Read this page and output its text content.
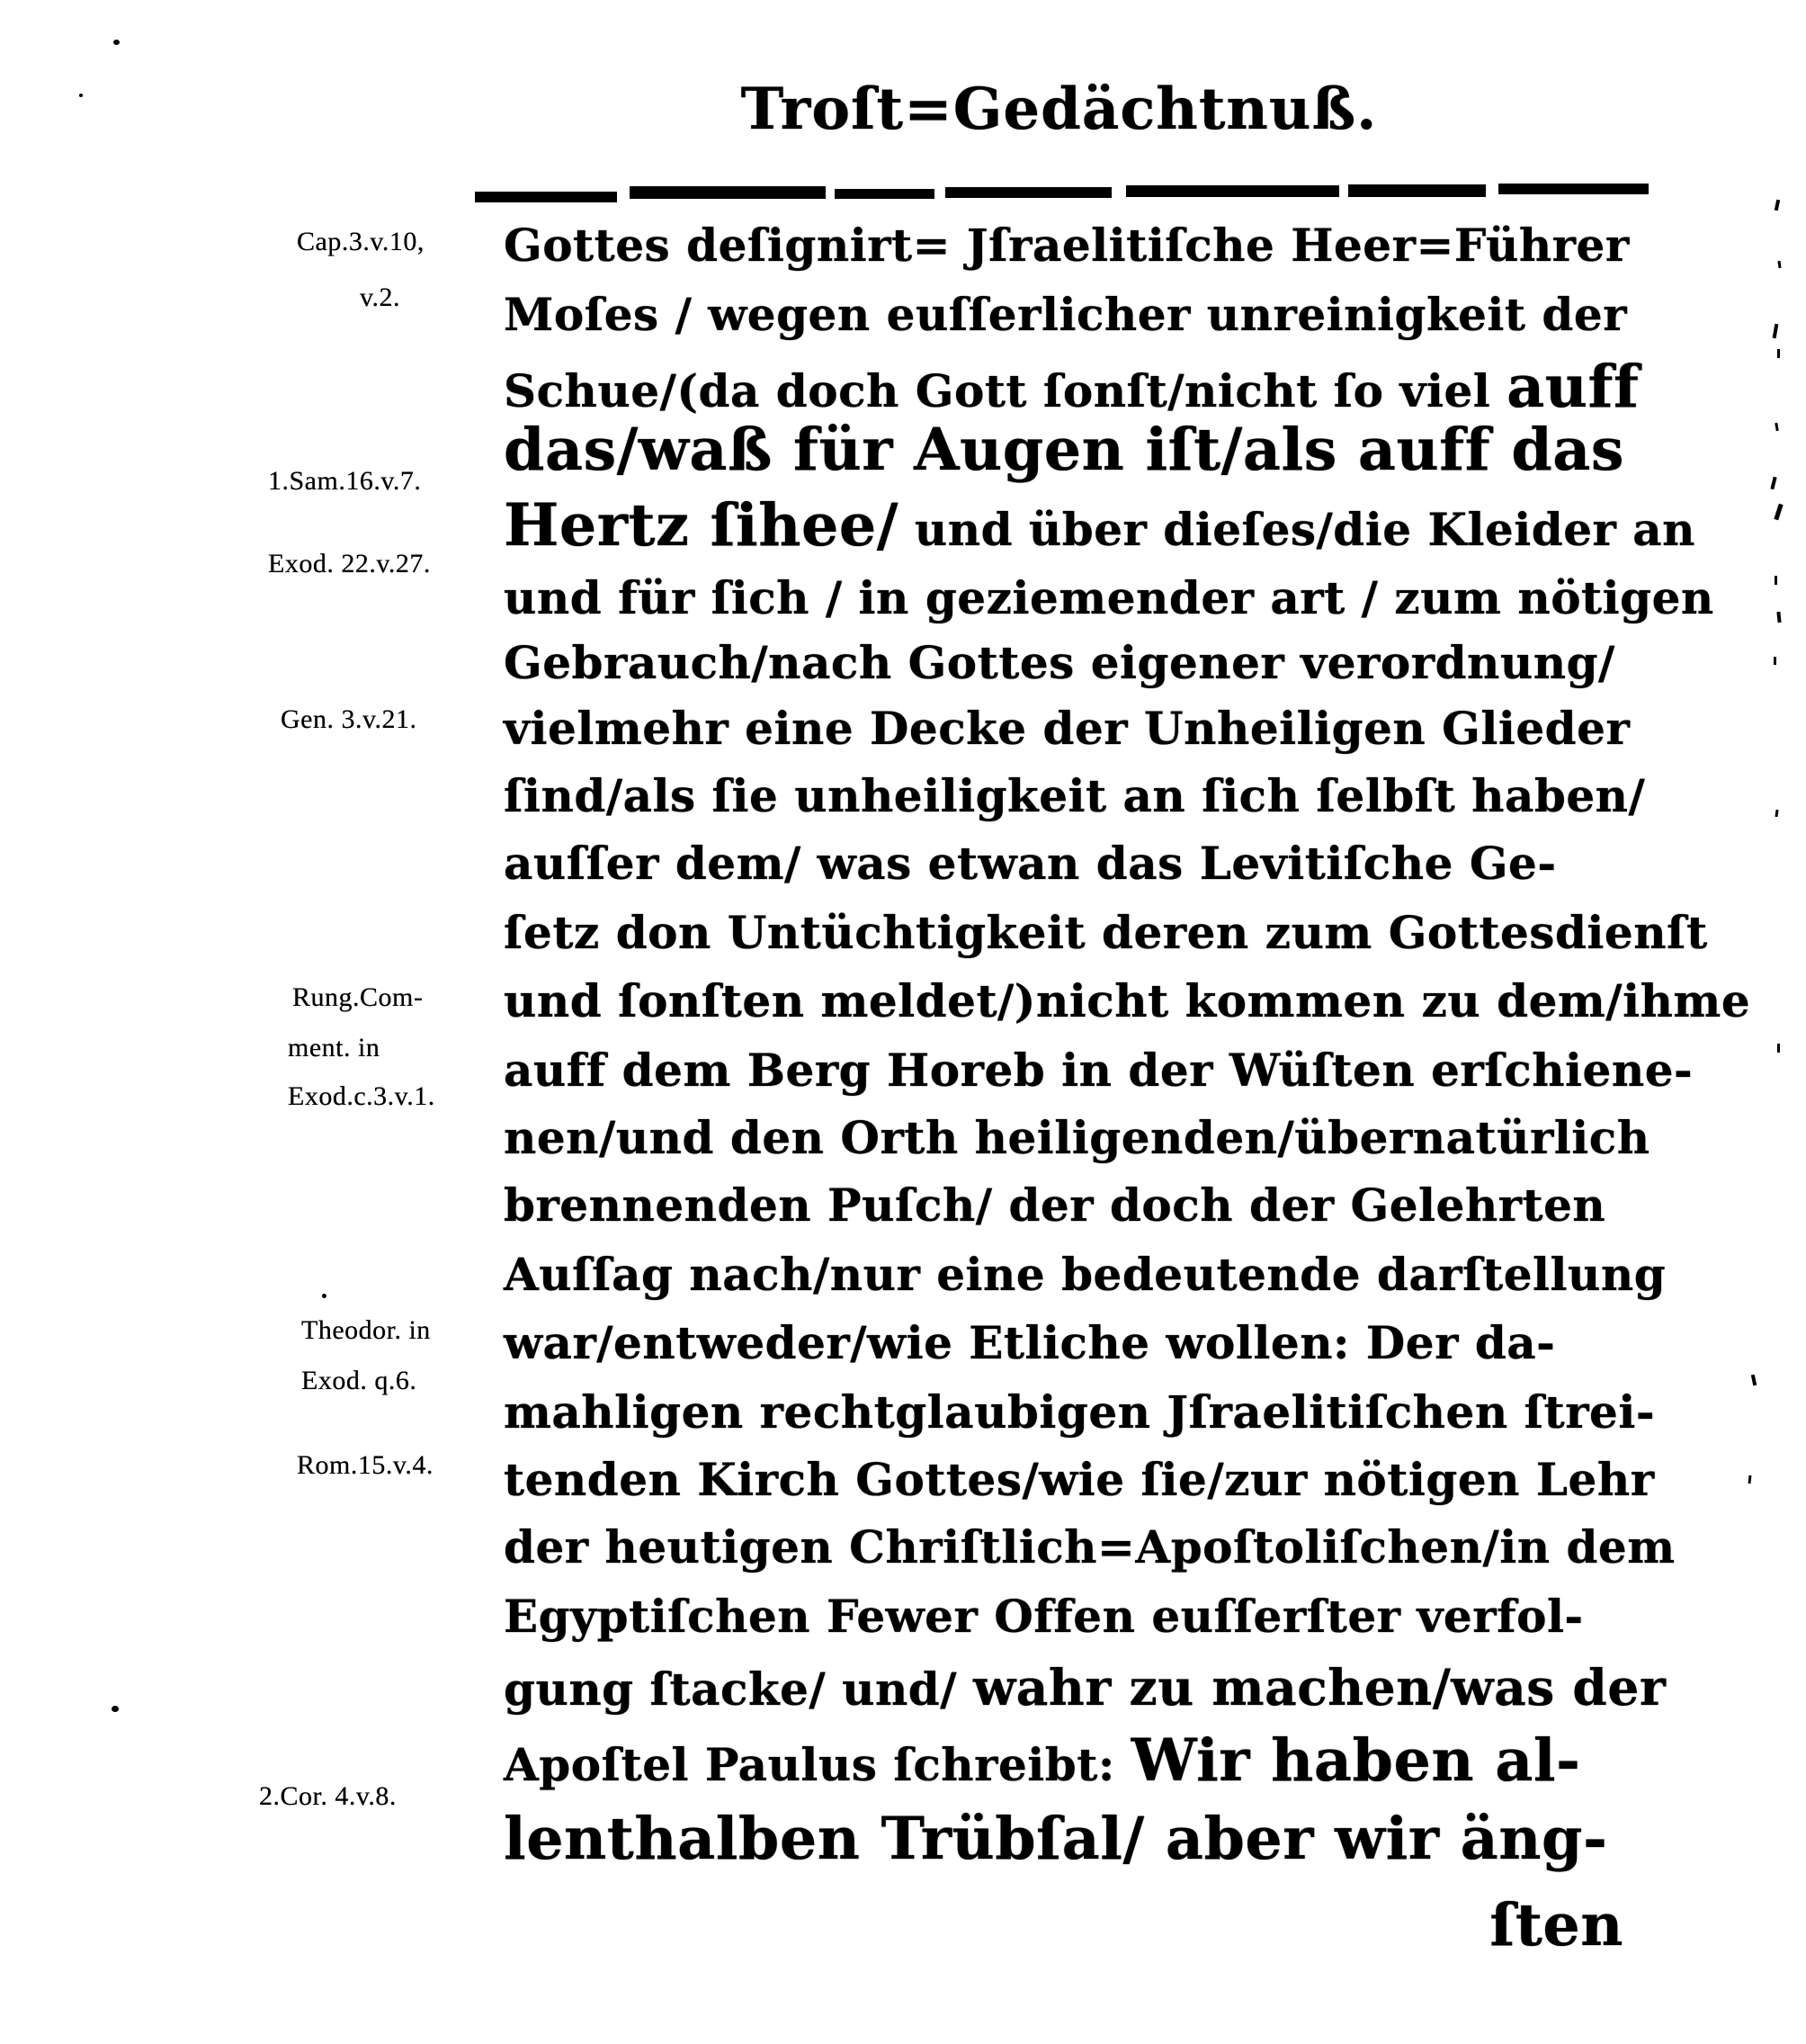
Troſt=Gedächtnuß.
Cap.3.v.10,
v.2.
1.Sam.16.v.7.
Exod. 22.v.27.
Gen. 3.v.21.
Rung.Com-
ment. in
Exod.c.3.v.1.
Theodor. in
Exod. q.6.
Rom.15.v.4.
2.Cor. 4.v.8.
Gottes deſignirt= Jſraelitiſche Heer=Führer
Moſes / wegen euſſerlicher unreinigkeit der
Schue/(da doch Gott ſonſt/nicht ſo viel auff
das/waß für Augen iſt/als auff das
Hertz ſihee/ und über dieſes/die Kleider an
und für ſich / in geziemender art / zum nötigen
Gebrauch/nach Gottes eigener verordnung/
vielmehr eine Decke der Unheiligen Glieder
ſind/als ſie unheiligkeit an ſich ſelbſt haben/
auſſer dem/ was etwan das Levitiſche Ge-
ſetz don Untüchtigkeit deren zum Gottesdienſt
und ſonſten meldet/)nicht kommen zu dem/ihme
auff dem Berg Horeb in der Wüſten erſchiene-
nen/und den Orth heiligenden/übernatürlich
brennenden Puſch/ der doch der Gelehrten
Auſſag nach/nur eine bedeutende darſtellung
war/entweder/wie Etliche wollen: Der da-
mahligen rechtglaubigen Jſraelitiſchen ſtrei-
tenden Kirch Gottes/wie ſie/zur nötigen Lehr
der heutigen Chriſtlich=Apoſtoliſchen/in dem
Egyptiſchen Fewer Offen euſſerſter verfol-
gung ſtacke/ und/ wahr zu machen/was der
Apoſtel Paulus ſchreibt: Wir haben al-
lenthalben Trübſal/ aber wir äng-
ſten
